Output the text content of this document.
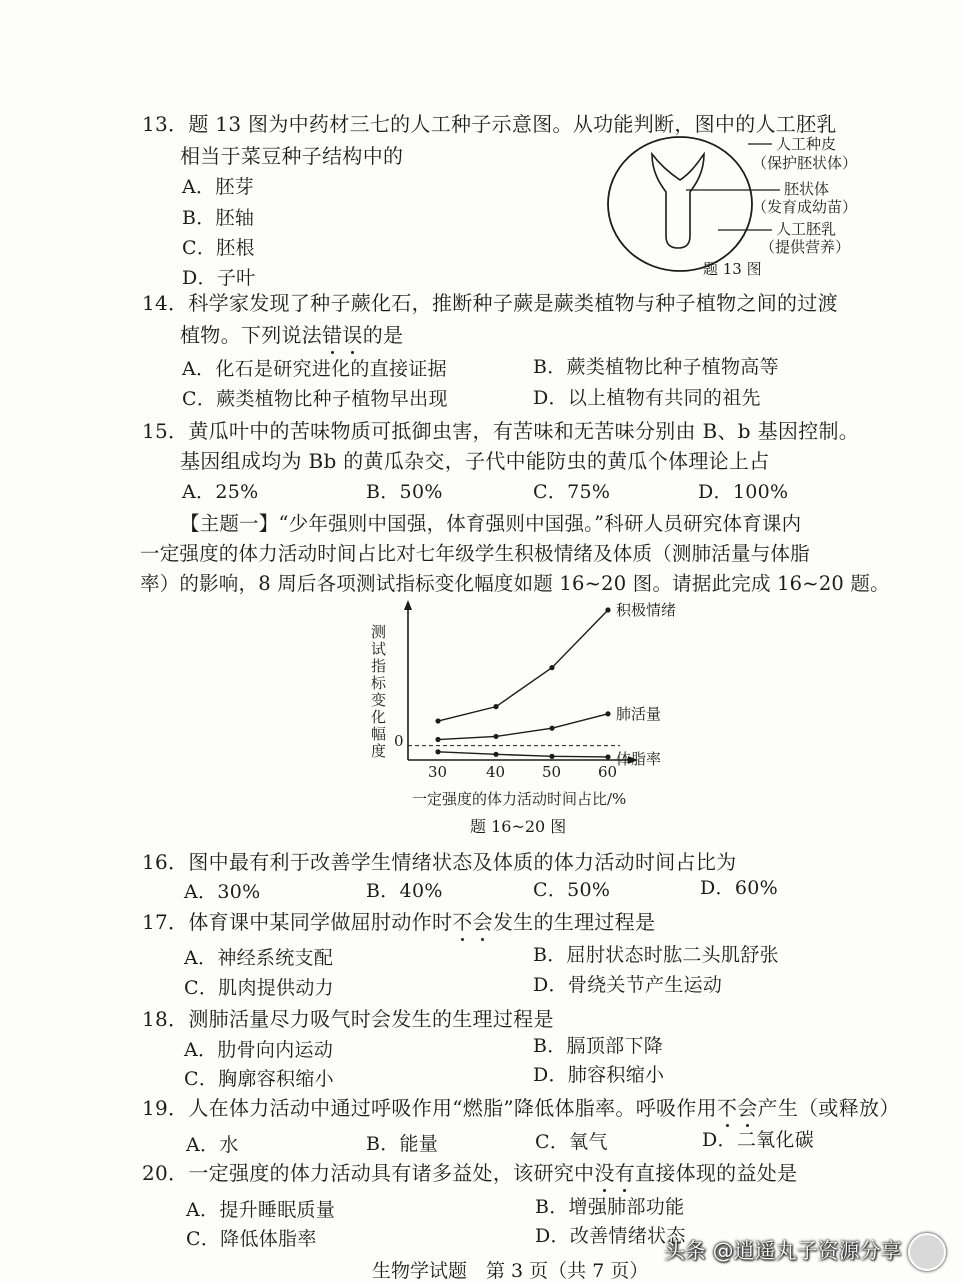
13．题 13 图为中药材三七的人工种子示意图。从功能判断，图中的人工胚乳
相当于菜豆种子结构中的
A．胚芽
B．胚轴
C．胚根
D．子叶
人工种皮
（保护胚状体）
胚状体
（发育成幼苗）
人工胚乳
（提供营养）
题 13 图
14．科学家发现了种子蕨化石，推断种子蕨是蕨类植物与种子植物之间的过渡
植物。下列说法错误的是
A．化石是研究进化的直接证据	B．蕨类植物比种子植物高等
C．蕨类植物比种子植物早出现	D．以上植物有共同的祖先
15．黄瓜叶中的苦味物质可抵御虫害，有苦味和无苦味分别由 B、b 基因控制。
基因组成均为 Bb 的黄瓜杂交，子代中能防虫的黄瓜个体理论上占
A．25%	B．50%	C．75%	D．100%
【主题一】“少年强则中国强，体育强则中国强。”科研人员研究体育课内
一定强度的体力活动时间占比对七年级学生积极情绪及体质（测肺活量与体脂
率）的影响，8 周后各项测试指标变化幅度如题 16~20 图。请据此完成 16~20 题。
测试指标变化幅度 0
一定强度的体力活动时间占比/%
30	40 50 60
积极情绪
肺活量
体脂率
题 16~20 图
16．图中最有利于改善学生情绪状态及体质的体力活动时间占比为
A．30%	B．40%	C．50%	D．60%
17．体育课中某同学做屈肘动作时不会发生的生理过程是
A．神经系统支配	B．屈肘状态时肱二头肌舒张
C．肌肉提供动力	D．骨绕关节产生运动
18．测肺活量尽力吸气时会发生的生理过程是
A．肋骨向内运动	B．膈顶部下降
C．胸廓容积缩小	D．肺容积缩小
19．人在体力活动中通过呼吸作用“燃脂”降低体脂率。呼吸作用不会产生（或释放）
A．水	B．能量	C．氧气	D．二氧化碳
20．一定强度的体力活动具有诸多益处，该研究中没有直接体现的益处是
A．提升睡眠质量	B．增强肺部功能
C．降低体脂率	D．改善情绪状态
生物学试题　第 3 页（共 7 页）
头条 @逍遥丸子资源分享
